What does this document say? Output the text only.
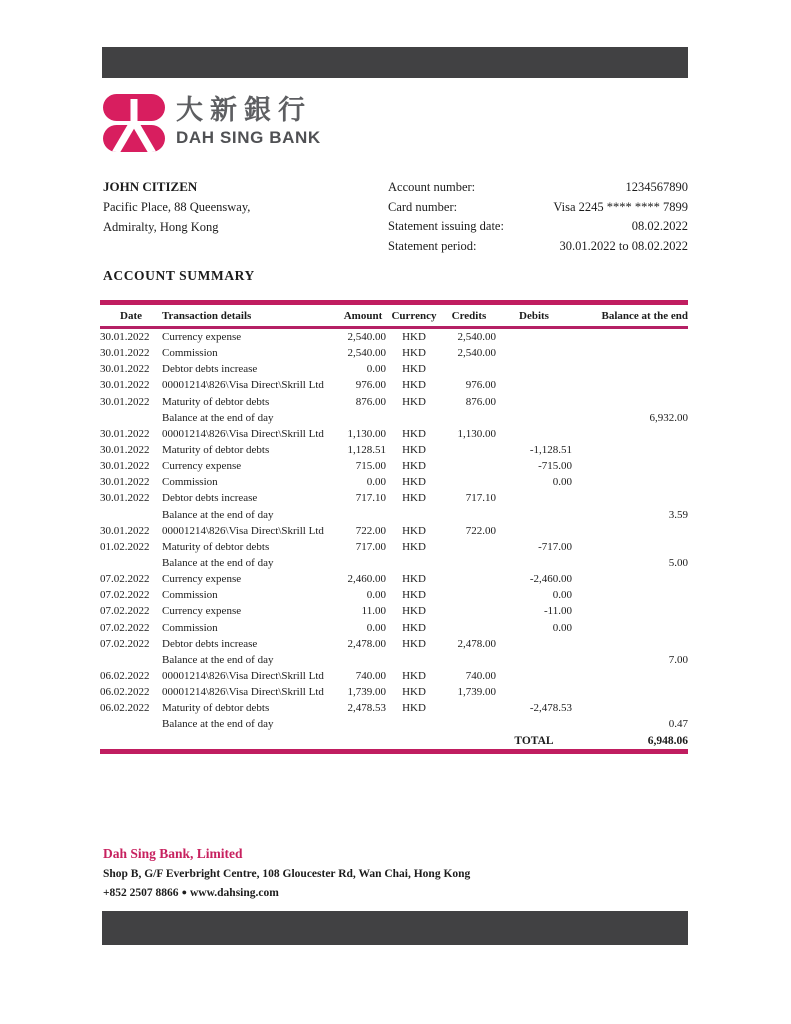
大新銀行
DAH SING BANK
JOHN CITIZEN
Pacific Place, 88 Queensway,
Admiralty, Hong Kong
Account number:	1234567890
Card number:	Visa 2245 **** **** 7899
Statement issuing date:	08.02.2022
Statement period:	30.01.2022 to 08.02.2022
ACCOUNT SUMMARY
Date	Transaction details	Amount	Currency	Credits	Debits	Balance at the end
30.01.2022	Currency expense	2,540.00	HKD	2,540.00		
30.01.2022	Commission	2,540.00	HKD	2,540.00		
30.01.2022	Debtor debts increase	0.00	HKD			
30.01.2022	00001214\826\Visa Direct\Skrill Ltd	976.00	HKD	976.00		
30.01.2022	Maturity of debtor debts	876.00	HKD	876.00		
	Balance at the end of day					6,932.00
30.01.2022	00001214\826\Visa Direct\Skrill Ltd	1,130.00	HKD	1,130.00		
30.01.2022	Maturity of debtor debts	1,128.51	HKD		-1,128.51	
30.01.2022	Currency expense	715.00	HKD		-715.00	
30.01.2022	Commission	0.00	HKD		0.00	
30.01.2022	Debtor debts increase	717.10	HKD	717.10		
	Balance at the end of day					3.59
30.01.2022	00001214\826\Visa Direct\Skrill Ltd	722.00	HKD	722.00		
01.02.2022	Maturity of debtor debts	717.00	HKD		-717.00	
	Balance at the end of day					5.00
07.02.2022	Currency expense	2,460.00	HKD		-2,460.00	
07.02.2022	Commission	0.00	HKD		0.00	
07.02.2022	Currency expense	11.00	HKD		-11.00	
07.02.2022	Commission	0.00	HKD		0.00	
07.02.2022	Debtor debts increase	2,478.00	HKD	2,478.00		
	Balance at the end of day					7.00
06.02.2022	00001214\826\Visa Direct\Skrill Ltd	740.00	HKD	740.00		
06.02.2022	00001214\826\Visa Direct\Skrill Ltd	1,739.00	HKD	1,739.00		
06.02.2022	Maturity of debtor debts	2,478.53	HKD		-2,478.53	
	Balance at the end of day					0.47
					TOTAL	6,948.06
Dah Sing Bank, Limited
Shop B, G/F Everbright Centre, 108 Gloucester Rd, Wan Chai, Hong Kong
+852 2507 8866 ● www.dahsing.com
